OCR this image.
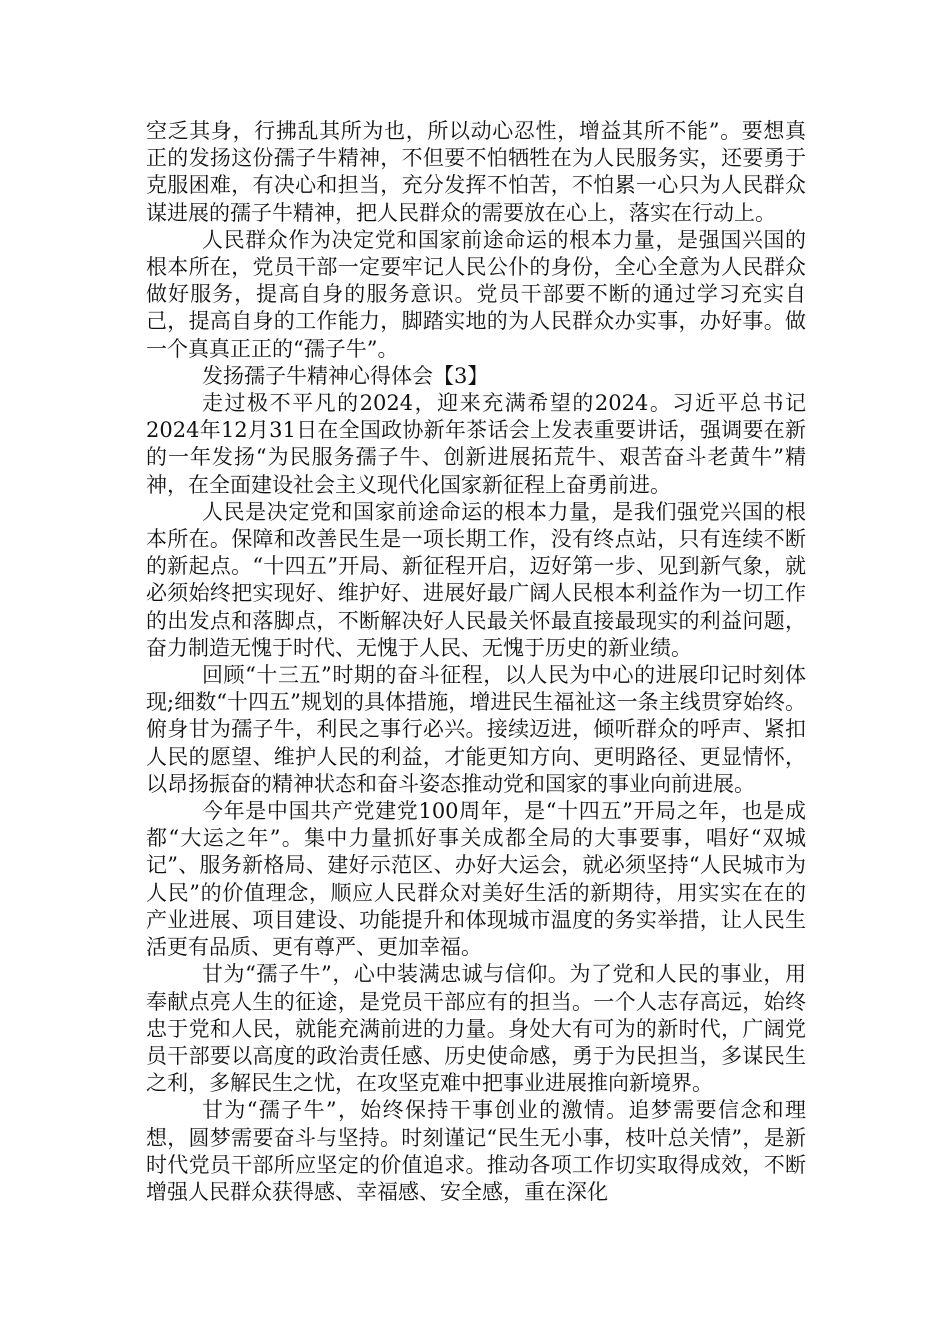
空乏其身，行拂乱其所为也，所以动心忍性，增益其所不能”。要想真正的发扬这份孺子牛精神，不但要不怕牺牲在为人民服务实，还要勇于克服困难，有决心和担当，充分发挥不怕苦，不怕累一心只为人民群众谋进展的孺子牛精神，把人民群众的需要放在心上，落实在行动上。

人民群众作为决定党和国家前途命运的根本力量，是强国兴国的根本所在，党员干部一定要牢记人民公仆的身份，全心全意为人民群众做好服务，提高自身的服务意识。党员干部要不断的通过学习充实自己，提高自身的工作能力，脚踏实地的为人民群众办实事，办好事。做一个真真正正的“孺子牛”。

发扬孺子牛精神心得体会【3】

走过极不平凡的2024，迎来充满希望的2024。习近平总书记2024年12月31日在全国政协新年茶话会上发表重要讲话，强调要在新的一年发扬“为民服务孺子牛、创新进展拓荒牛、艰苦奋斗老黄牛”精神，在全面建设社会主义现代化国家新征程上奋勇前进。

人民是决定党和国家前途命运的根本力量，是我们强党兴国的根本所在。保障和改善民生是一项长期工作，没有终点站，只有连续不断的新起点。“十四五”开局、新征程开启，迈好第一步、见到新气象，就必须始终把实现好、维护好、进展好最广阔人民根本利益作为一切工作的出发点和落脚点，不断解决好人民最关怀最直接最现实的利益问题，奋力制造无愧于时代、无愧于人民、无愧于历史的新业绩。

回顾“十三五”时期的奋斗征程，以人民为中心的进展印记时刻体现;细数“十四五”规划的具体措施，增进民生福祉这一条主线贯穿始终。俯身甘为孺子牛，利民之事行必兴。接续迈进，倾听群众的呼声、紧扣人民的愿望、维护人民的利益，才能更知方向、更明路径、更显情怀，以昂扬振奋的精神状态和奋斗姿态推动党和国家的事业向前进展。

今年是中国共产党建党100周年，是“十四五”开局之年，也是成都“大运之年”。集中力量抓好事关成都全局的大事要事，唱好“双城记”、服务新格局、建好示范区、办好大运会，就必须坚持“人民城市为人民”的价值理念，顺应人民群众对美好生活的新期待，用实实在在的产业进展、项目建设、功能提升和体现城市温度的务实举措，让人民生活更有品质、更有尊严、更加幸福。

甘为“孺子牛”，心中装满忠诚与信仰。为了党和人民的事业，用奉献点亮人生的征途，是党员干部应有的担当。一个人志存高远，始终忠于党和人民，就能充满前进的力量。身处大有可为的新时代，广阔党员干部要以高度的政治责任感、历史使命感，勇于为民担当，多谋民生之利，多解民生之忧，在攻坚克难中把事业进展推向新境界。

甘为“孺子牛”，始终保持干事创业的激情。追梦需要信念和理想，圆梦需要奋斗与坚持。时刻谨记“民生无小事，枝叶总关情”，是新时代党员干部所应坚定的价值追求。推动各项工作切实取得成效，不断增强人民群众获得感、幸福感、安全感，重在深化
